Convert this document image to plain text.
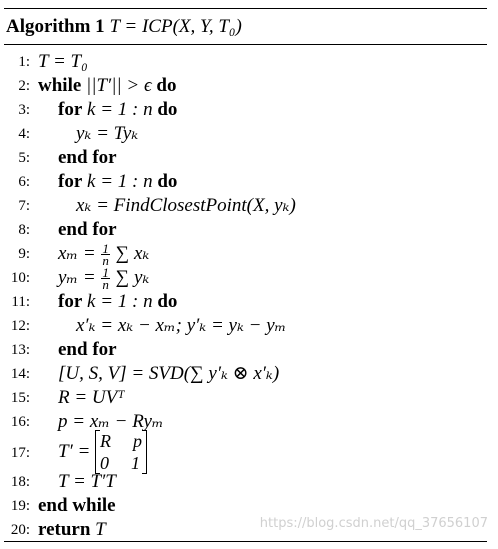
Algorithm 1 T = ICP(X, Y, T₀)
1: T = T₀
2: while ||T′|| > ϵ do
3: for k = 1 : n do
4: yₖ = Tyₖ
5: end for
6: for k = 1 : n do
7: xₖ = FindClosestPoint(X, yₖ)
8: end for
9: $x_m = \frac{1}{n}$ ∑ xₖ
10: $y_m = \frac{1}{n}$ ∑ yₖ
11: for k = 1 : n do
12: x′ₖ = xₖ − xₘ; y′ₖ = yₖ − yₘ
13: end for
14: [U, S, V] = SVD(∑ y′ₖ ⊗ x′ₖ)
15: R = UVᵀ
16: p = xₘ − Ryₘ
17: T′ = R p
0 1
18: T = T′T
19: end while
20: return T	https://blog.csdn.net/qq_37656107
